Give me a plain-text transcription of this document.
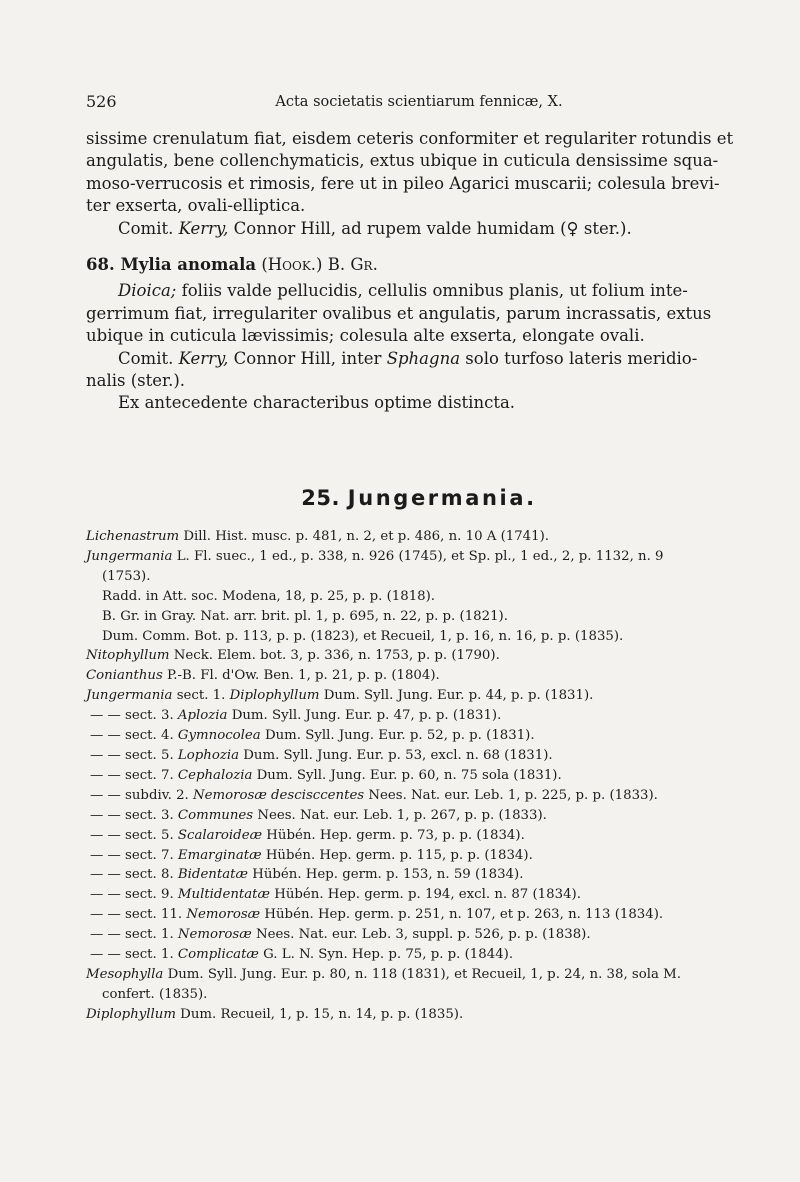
526	Acta societatis scientiarum fennicæ, X.

sissime crenulatum fiat, eisdem ceteris conformiter et regulariter rotundis et
angulatis, bene collenchymaticis, extus ubique in cuticula densissime squa-
moso-verrucosis et rimosis, fere ut in pileo Agarici muscarii; colesula brevi-
ter exserta, ovali-elliptica.

Comit. Kerry, Connor Hill, ad rupem valde humidam (♀ ster.).

68. Mylia anomala (Hook.) B. Gr.

Dioica; foliis valde pellucidis, cellulis omnibus planis, ut folium inte-
gerrimum fiat, irregulariter ovalibus et angulatis, parum incrassatis, extus
ubique in cuticula lævissimis; colesula alte exserta, elongate ovali.

Comit. Kerry, Connor Hill, inter Sphagna solo turfoso lateris meridio-
nalis (ster.).

Ex antecedente characteribus optime distincta.

25. Jungermania.

Lichenastrum Dill. Hist. musc. p. 481, n. 2, et p. 486, n. 10 A (1741).

Jungermania L. Fl. suec., 1 ed., p. 338, n. 926 (1745), et Sp. pl., 1 ed., 2, p. 1132, n. 9

(1753).

Radd. in Att. soc. Modena, 18, p. 25, p. p. (1818).

B. Gr. in Gray. Nat. arr. brit. pl. 1, p. 695, n. 22, p. p. (1821).

Dum. Comm. Bot. p. 113, p. p. (1823), et Recueil, 1, p. 16, n. 16, p. p. (1835).

Nitophyllum Neck. Elem. bot. 3, p. 336, n. 1753, p. p. (1790).

Conianthus P.-B. Fl. d'Ow. Ben. 1, p. 21, p. p. (1804).

Jungermania sect. 1. Diplophyllum Dum. Syll. Jung. Eur. p. 44, p. p. (1831).

— — sect. 3. Aplozia Dum. Syll. Jung. Eur. p. 47, p. p. (1831).

— — sect. 4. Gymnocolea Dum. Syll. Jung. Eur. p. 52, p. p. (1831).

— — sect. 5. Lophozia Dum. Syll. Jung. Eur. p. 53, excl. n. 68 (1831).

— — sect. 7. Cephalozia Dum. Syll. Jung. Eur. p. 60, n. 75 sola (1831).

— — subdiv. 2. Nemorosæ descisccentes Nees. Nat. eur. Leb. 1, p. 225, p. p. (1833).

— — sect. 3. Communes Nees. Nat. eur. Leb. 1, p. 267, p. p. (1833).

— — sect. 5. Scalaroideæ Hübén. Hep. germ. p. 73, p. p. (1834).

— — sect. 7. Emarginatæ Hübén. Hep. germ. p. 115, p. p. (1834).

— — sect. 8. Bidentatæ Hübén. Hep. germ. p. 153, n. 59 (1834).

— — sect. 9. Multidentatæ Hübén. Hep. germ. p. 194, excl. n. 87 (1834).

— — sect. 11. Nemorosæ Hübén. Hep. germ. p. 251, n. 107, et p. 263, n. 113 (1834).

— — sect. 1. Nemorosæ Nees. Nat. eur. Leb. 3, suppl. p. 526, p. p. (1838).

— — sect. 1. Complicatæ G. L. N. Syn. Hep. p. 75, p. p. (1844).

Mesophylla Dum. Syll. Jung. Eur. p. 80, n. 118 (1831), et Recueil, 1, p. 24, n. 38, sola M.

confert. (1835).

Diplophyllum Dum. Recueil, 1, p. 15, n. 14, p. p. (1835).
